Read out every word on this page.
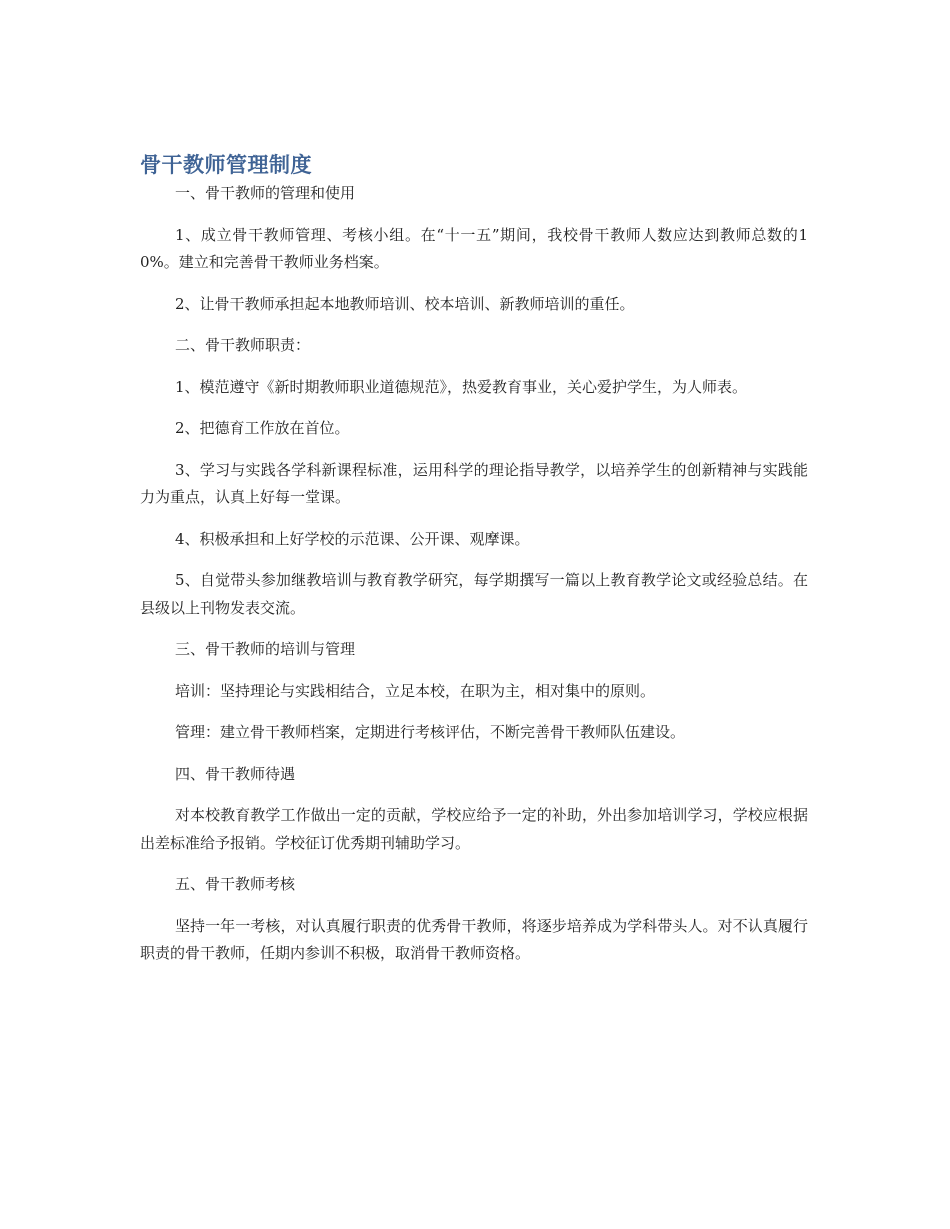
骨干教师管理制度

一、骨干教师的管理和使用

1、成立骨干教师管理、考核小组。在“十一五”期间，我校骨干教师人数应达到教师总数的10%。建立和完善骨干教师业务档案。

2、让骨干教师承担起本地教师培训、校本培训、新教师培训的重任。

二、骨干教师职责：

1、模范遵守《新时期教师职业道德规范》，热爱教育事业，关心爱护学生，为人师表。

2、把德育工作放在首位。

3、学习与实践各学科新课程标准，运用科学的理论指导教学，以培养学生的创新精神与实践能力为重点，认真上好每一堂课。

4、积极承担和上好学校的示范课、公开课、观摩课。

5、自觉带头参加继教培训与教育教学研究，每学期撰写一篇以上教育教学论文或经验总结。在县级以上刊物发表交流。

三、骨干教师的培训与管理

培训：坚持理论与实践相结合，立足本校，在职为主，相对集中的原则。

管理：建立骨干教师档案，定期进行考核评估，不断完善骨干教师队伍建设。

四、骨干教师待遇

对本校教育教学工作做出一定的贡献，学校应给予一定的补助，外出参加培训学习，学校应根据出差标准给予报销。学校征订优秀期刊辅助学习。

五、骨干教师考核

坚持一年一考核，对认真履行职责的优秀骨干教师，将逐步培养成为学科带头人。对不认真履行职责的骨干教师，任期内参训不积极，取消骨干教师资格。
